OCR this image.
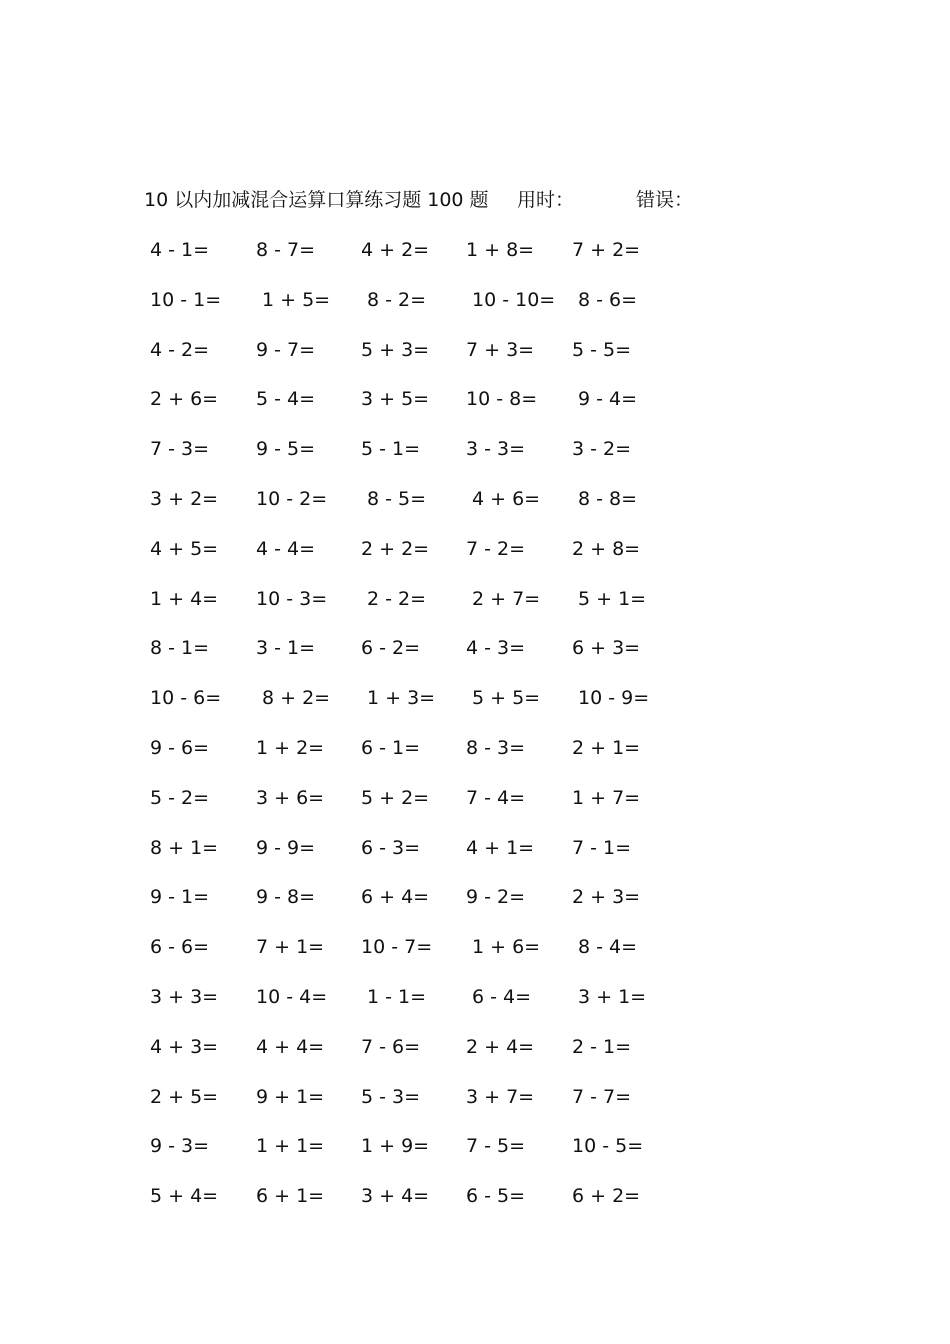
10 以内加减混合运算口算练习题 100 题 用时：	错误：
4 - 1= 8 - 7= 4 + 2= 1 + 8= 7 + 2=
10 - 1= 1 + 5= 8 - 2= 10 - 10= 8 - 6=
4 - 2= 9 - 7= 5 + 3= 7 + 3= 5 - 5=
2 + 6= 5 - 4= 3 + 5= 10 - 8= 9 - 4=
7 - 3= 9 - 5= 5 - 1= 3 - 3= 3 - 2=
3 + 2= 10 - 2= 8 - 5= 4 + 6= 8 - 8=
4 + 5= 4 - 4= 2 + 2= 7 - 2= 2 + 8=
1 + 4= 10 - 3= 2 - 2= 2 + 7= 5 + 1=
8 - 1= 3 - 1= 6 - 2= 4 - 3= 6 + 3=
10 - 6= 8 + 2= 1 + 3= 5 + 5= 10 - 9=
9 - 6= 1 + 2= 6 - 1= 8 - 3= 2 + 1=
5 - 2= 3 + 6= 5 + 2= 7 - 4= 1 + 7=
8 + 1= 9 - 9= 6 - 3= 4 + 1= 7 - 1=
9 - 1= 9 - 8= 6 + 4= 9 - 2= 2 + 3=
6 - 6= 7 + 1= 10 - 7= 1 + 6= 8 - 4=
3 + 3= 10 - 4= 1 - 1= 6 - 4= 3 + 1=
4 + 3= 4 + 4= 7 - 6= 2 + 4= 2 - 1=
2 + 5= 9 + 1= 5 - 3= 3 + 7= 7 - 7=
9 - 3= 1 + 1= 1 + 9= 7 - 5= 10 - 5=
5 + 4= 6 + 1= 3 + 4= 6 - 5= 6 + 2=
